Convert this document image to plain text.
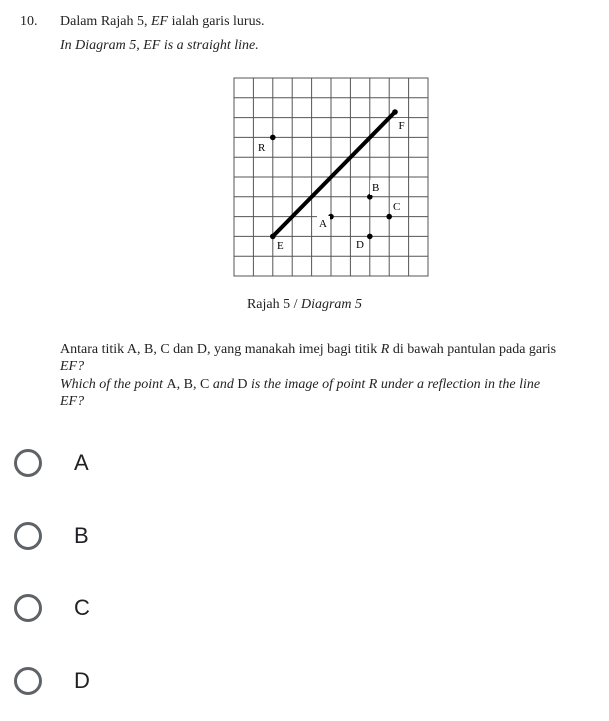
10. Dalam Rajah 5, EF ialah garis lurus.
In Diagram 5, EF is a straight line.
F
R
B
C
A
E	D
Rajah 5 / Diagram 5
Antara titik A, B, C dan D, yang manakah imej bagi titik R di bawah pantulan pada garis
EF?
Which of the point A, B, C and D is the image of point R under a reflection in the line
EF?
A
B
C
D
